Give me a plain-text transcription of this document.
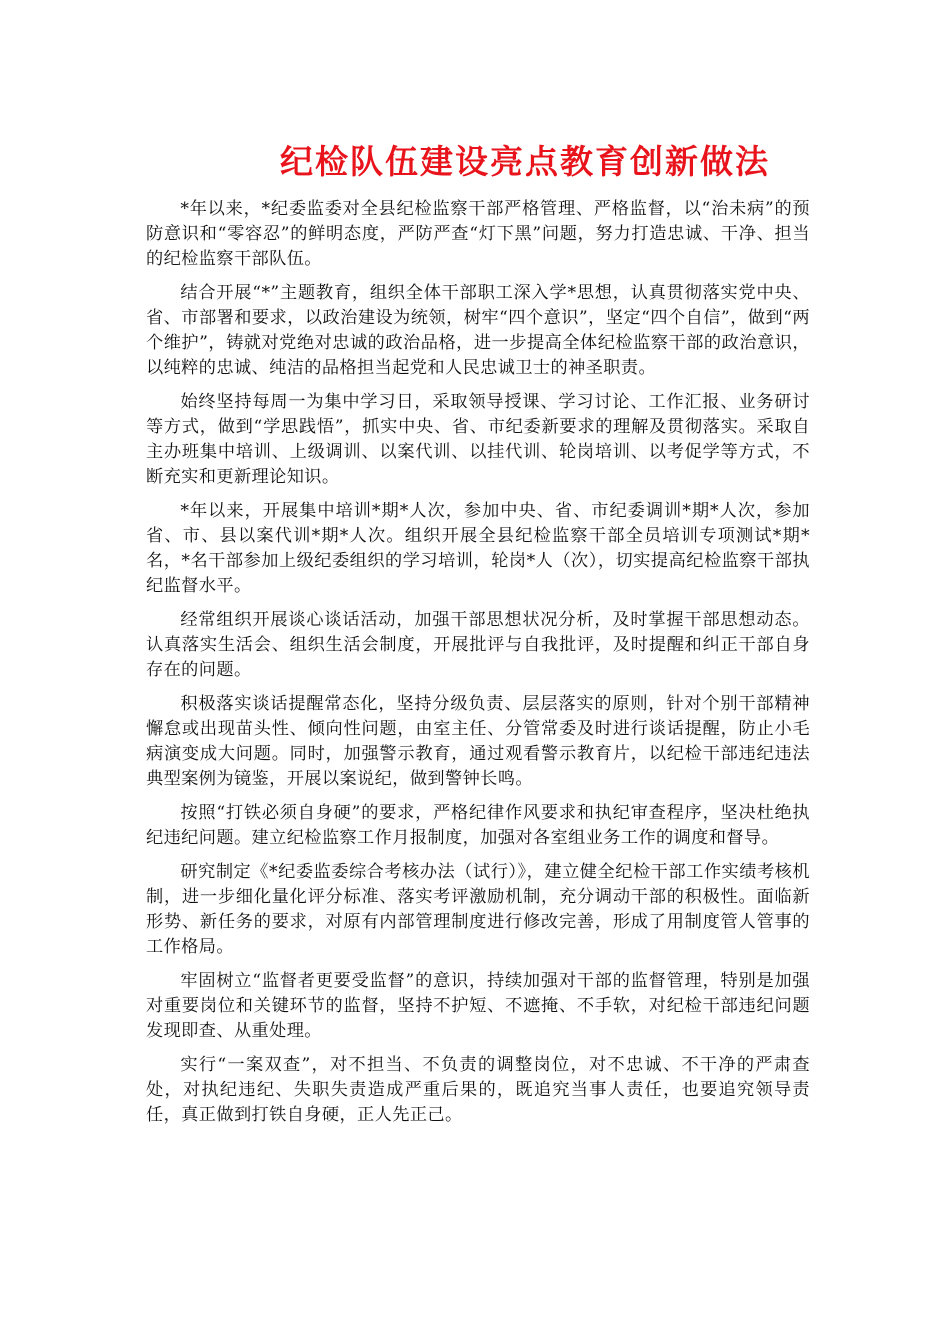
纪检队伍建设亮点教育创新做法

*年以来，*纪委监委对全县纪检监察干部严格管理、严格监督，以“治未病”的预防意识和“零容忍”的鲜明态度，严防严查“灯下黑”问题，努力打造忠诚、干净、担当的纪检监察干部队伍。

结合开展“*”主题教育，组织全体干部职工深入学*思想，认真贯彻落实党中央、省、市部署和要求，以政治建设为统领，树牢“四个意识”，坚定“四个自信”，做到“两个维护”，铸就对党绝对忠诚的政治品格，进一步提高全体纪检监察干部的政治意识，以纯粹的忠诚、纯洁的品格担当起党和人民忠诚卫士的神圣职责。

始终坚持每周一为集中学习日，采取领导授课、学习讨论、工作汇报、业务研讨等方式，做到“学思践悟”，抓实中央、省、市纪委新要求的理解及贯彻落实。采取自主办班集中培训、上级调训、以案代训、以挂代训、轮岗培训、以考促学等方式，不断充实和更新理论知识。

*年以来，开展集中培训*期*人次，参加中央、省、市纪委调训*期*人次，参加省、市、县以案代训*期*人次。组织开展全县纪检监察干部全员培训专项测试*期*名，*名干部参加上级纪委组织的学习培训，轮岗*人（次），切实提高纪检监察干部执纪监督水平。

经常组织开展谈心谈话活动，加强干部思想状况分析，及时掌握干部思想动态。认真落实生活会、组织生活会制度，开展批评与自我批评，及时提醒和纠正干部自身存在的问题。

积极落实谈话提醒常态化，坚持分级负责、层层落实的原则，针对个别干部精神懈怠或出现苗头性、倾向性问题，由室主任、分管常委及时进行谈话提醒，防止小毛病演变成大问题。同时，加强警示教育，通过观看警示教育片，以纪检干部违纪违法典型案例为镜鉴，开展以案说纪，做到警钟长鸣。

按照“打铁必须自身硬”的要求，严格纪律作风要求和执纪审查程序，坚决杜绝执纪违纪问题。建立纪检监察工作月报制度，加强对各室组业务工作的调度和督导。

研究制定《*纪委监委综合考核办法（试行）》，建立健全纪检干部工作实绩考核机制，进一步细化量化评分标准、落实考评激励机制，充分调动干部的积极性。面临新形势、新任务的要求，对原有内部管理制度进行修改完善，形成了用制度管人管事的工作格局。

牢固树立“监督者更要受监督”的意识，持续加强对干部的监督管理，特别是加强对重要岗位和关键环节的监督，坚持不护短、不遮掩、不手软，对纪检干部违纪问题发现即查、从重处理。

实行“一案双查”，对不担当、不负责的调整岗位，对不忠诚、不干净的严肃查处，对执纪违纪、失职失责造成严重后果的，既追究当事人责任，也要追究领导责任，真正做到打铁自身硬，正人先正己。
